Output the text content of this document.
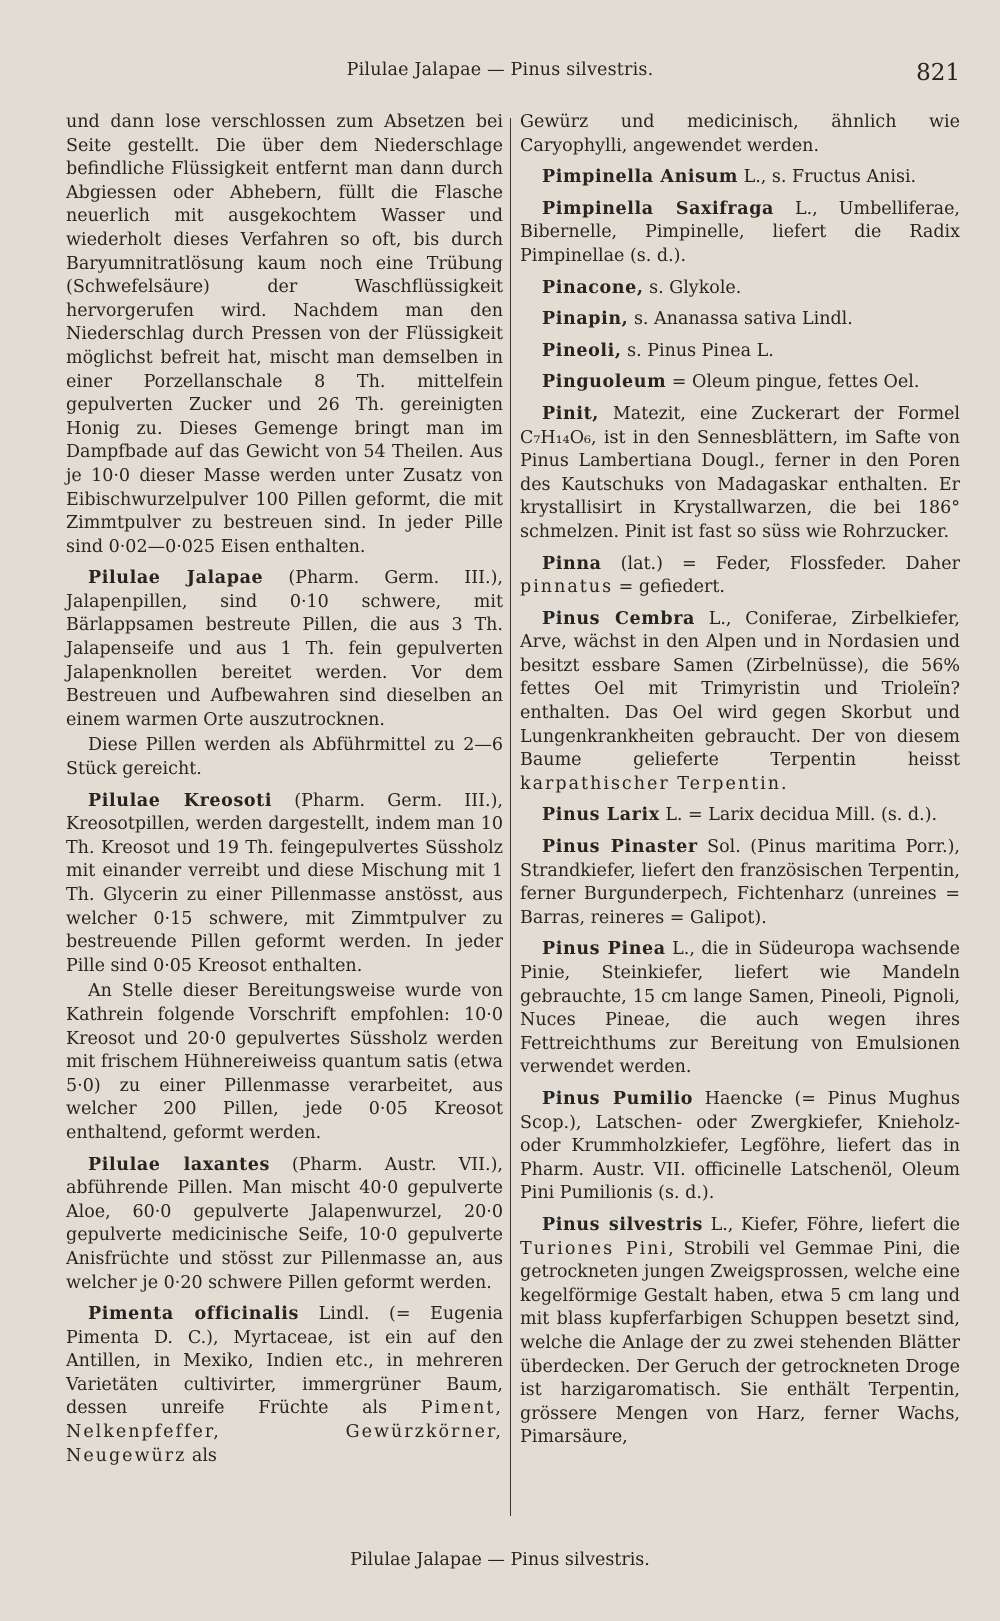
Pilulae Jalapae — Pinus silvestris.	821

und dann lose verschlossen zum Absetzen bei Seite gestellt. Die über dem Niederschlage befindliche Flüssigkeit entfernt man dann durch Abgiessen oder Abhebern, füllt die Flasche neuerlich mit ausgekochtem Wasser und wiederholt dieses Verfahren so oft, bis durch Baryumnitratlösung kaum noch eine Trübung (Schwefelsäure) der Waschflüssigkeit hervorgerufen wird. Nachdem man den Niederschlag durch Pressen von der Flüssigkeit möglichst befreit hat, mischt man demselben in einer Porzellanschale 8 Th. mittelfein gepulverten Zucker und 26 Th. gereinigten Honig zu. Dieses Gemenge bringt man im Dampfbade auf das Gewicht von 54 Theilen. Aus je 10·0 dieser Masse werden unter Zusatz von Eibischwurzelpulver 100 Pillen geformt, die mit Zimmtpulver zu bestreuen sind. In jeder Pille sind 0·02—0·025 Eisen enthalten.

Pilulae Jalapae (Pharm. Germ. III.), Jalapenpillen, sind 0·10 schwere, mit Bärlappsamen bestreute Pillen, die aus 3 Th. Jalapenseife und aus 1 Th. fein gepulverten Jalapenknollen bereitet werden. Vor dem Bestreuen und Aufbewahren sind dieselben an einem warmen Orte auszutrocknen.

Diese Pillen werden als Abführmittel zu 2—6 Stück gereicht.

Pilulae Kreosoti (Pharm. Germ. III.), Kreosotpillen, werden dargestellt, indem man 10 Th. Kreosot und 19 Th. feingepulvertes Süssholz mit einander verreibt und diese Mischung mit 1 Th. Glycerin zu einer Pillenmasse anstösst, aus welcher 0·15 schwere, mit Zimmtpulver zu bestreuende Pillen geformt werden. In jeder Pille sind 0·05 Kreosot enthalten.

An Stelle dieser Bereitungsweise wurde von Kathrein folgende Vorschrift empfohlen: 10·0 Kreosot und 20·0 gepulvertes Süssholz werden mit frischem Hühnereiweiss quantum satis (etwa 5·0) zu einer Pillenmasse verarbeitet, aus welcher 200 Pillen, jede 0·05 Kreosot enthaltend, geformt werden.

Pilulae laxantes (Pharm. Austr. VII.), abführende Pillen. Man mischt 40·0 gepulverte Aloe, 60·0 gepulverte Jalapenwurzel, 20·0 gepulverte medicinische Seife, 10·0 gepulverte Anisfrüchte und stösst zur Pillenmasse an, aus welcher je 0·20 schwere Pillen geformt werden.

Pimenta officinalis Lindl. (= Eugenia Pimenta D. C.), Myrtaceae, ist ein auf den Antillen, in Mexiko, Indien etc., in mehreren Varietäten cultivirter, immergrüner Baum, dessen unreife Früchte als Piment, Nelkenpfeffer, Gewürzkörner, Neugewürz als

Gewürz und medicinisch, ähnlich wie Caryophylli, angewendet werden.

Pimpinella Anisum L., s. Fructus Anisi.

Pimpinella Saxifraga L., Umbelliferae, Bibernelle, Pimpinelle, liefert die Radix Pimpinellae (s. d.).

Pinacone, s. Glykole.

Pinapin, s. Ananassa sativa Lindl.

Pineoli, s. Pinus Pinea L.

Pinguoleum = Oleum pingue, fettes Oel.

Pinit, Matezit, eine Zuckerart der Formel C₇H₁₄O₆, ist in den Sennesblättern, im Safte von Pinus Lambertiana Dougl., ferner in den Poren des Kautschuks von Madagaskar enthalten. Er krystallisirt in Krystallwarzen, die bei 186° schmelzen. Pinit ist fast so süss wie Rohrzucker.

Pinna (lat.) = Feder, Flossfeder. Daher pinnatus = gefiedert.

Pinus Cembra L., Coniferae, Zirbelkiefer, Arve, wächst in den Alpen und in Nordasien und besitzt essbare Samen (Zirbelnüsse), die 56% fettes Oel mit Trimyristin und Trioleïn? enthalten. Das Oel wird gegen Skorbut und Lungenkrankheiten gebraucht. Der von diesem Baume gelieferte Terpentin heisst karpathischer Terpentin.

Pinus Larix L. = Larix decidua Mill. (s. d.).

Pinus Pinaster Sol. (Pinus maritima Porr.), Strandkiefer, liefert den französischen Terpentin, ferner Burgunderpech, Fichtenharz (unreines = Barras, reineres = Galipot).

Pinus Pinea L., die in Südeuropa wachsende Pinie, Steinkiefer, liefert wie Mandeln gebrauchte, 15 cm lange Samen, Pineoli, Pignoli, Nuces Pineae, die auch wegen ihres Fettreichthums zur Bereitung von Emulsionen verwendet werden.

Pinus Pumilio Haencke (= Pinus Mughus Scop.), Latschen- oder Zwergkiefer, Knieholz- oder Krummholzkiefer, Legföhre, liefert das in Pharm. Austr. VII. officinelle Latschenöl, Oleum Pini Pumilionis (s. d.).

Pinus silvestris L., Kiefer, Föhre, liefert die Turiones Pini, Strobili vel Gemmae Pini, die getrockneten jungen Zweigsprossen, welche eine kegelförmige Gestalt haben, etwa 5 cm lang und mit blass kupferfarbigen Schuppen besetzt sind, welche die Anlage der zu zwei stehenden Blätter überdecken. Der Geruch der getrockneten Droge ist harzigaromatisch. Sie enthält Terpentin, grössere Mengen von Harz, ferner Wachs, Pimarsäure,

Pilulae Jalapae — Pinus silvestris.
